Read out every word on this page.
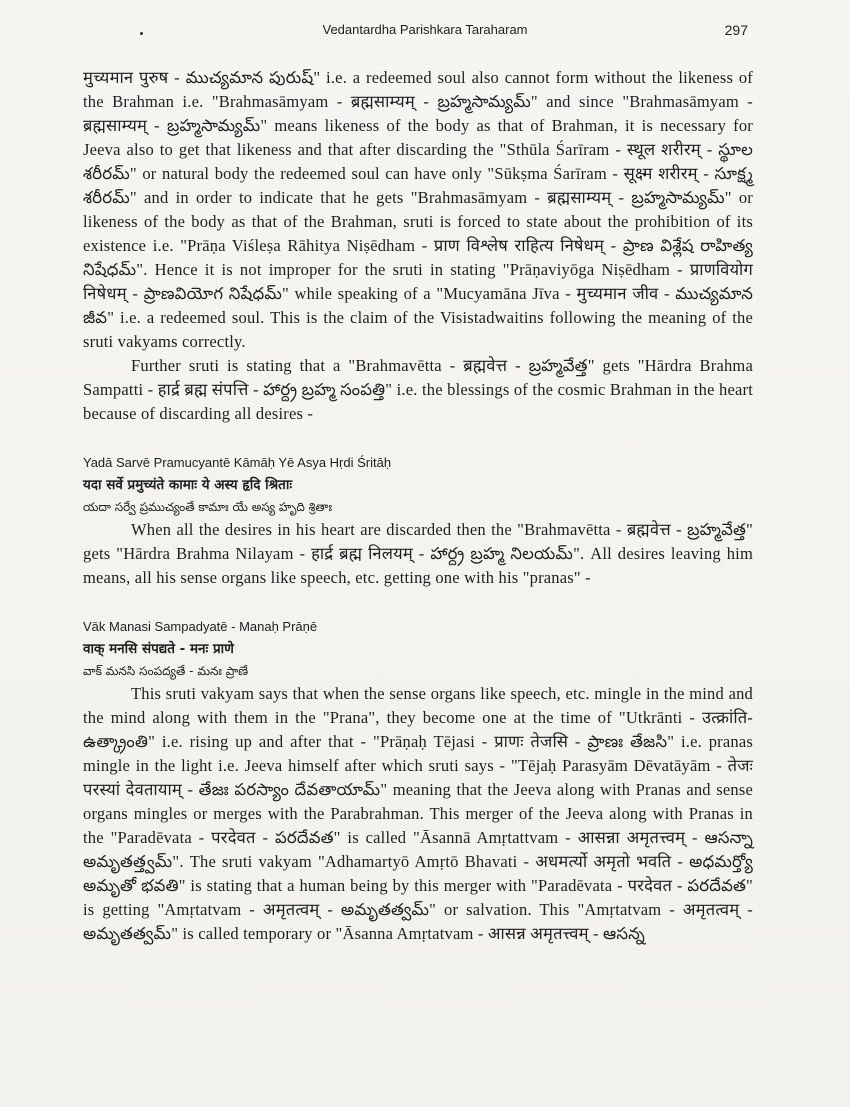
Vedantardha Parishkara Taraharam	297

मुच्यमान पुरुष - ముచ్యమాన పురుష్" i.e. a redeemed soul also cannot form without the likeness of the Brahman i.e. "Brahmasāmyam - ब्रह्मसाम्यम् - బ్రహ్మసామ్యమ్" and since "Brahmasāmyam - ब्रह्मसाम्यम् - బ్రహ్మసామ్యమ్" means likeness of the body as that of Brahman, it is necessary for Jeeva also to get that likeness and that after discarding the "Sthūla Śarīram - स्थूल शरीरम् - స్థూల శరీరమ్" or natural body the redeemed soul can have only "Sūkṣma Śarīram - सूक्ष्म शरीरम् - సూక్ష్మ శరీరమ్" and in order to indicate that he gets "Brahmasāmyam - ब्रह्मसाम्यम् - బ్రహ్మసామ్యమ్" or likeness of the body as that of the Brahman, sruti is forced to state about the prohibition of its existence i.e. "Prāṇa Viśleṣa Rāhitya Niṣēdham - प्राण विश्लेष राहित्य निषेधम् - ప్రాణ విశ్లేష రాహిత్య నిషేధమ్". Hence it is not improper for the sruti in stating "Prāṇaviyōga Niṣēdham - प्राणवियोग निषेधम् - ప్రాణవియోగ నిషేధమ్" while speaking of a "Mucyamāna Jīva - मुच्यमान जीव - ముచ్యమాన జీవ" i.e. a redeemed soul. This is the claim of the Visistadwaitins following the meaning of the sruti vakyams correctly.

Further sruti is stating that a "Brahmavētta - ब्रह्मवेत्त - బ్రహ్మవేత్త" gets "Hārdra Brahma Sampatti - हार्द्र ब्रह्म संपत्ति - హార్ద్ర బ్రహ్మ సంపత్తి" i.e. the blessings of the cosmic Brahman in the heart because of discarding all desires -

Yadā Sarvē Pramucyantē Kāmāḥ Yē Asya Hṛdi Śritāḥ
यदा सर्वे प्रमुच्यंते कामाः ये अस्य हृदि श्रिताः
యదా సర్వే ప్రముచ్యంతే కామాః యే అస్య హృది శ్రితాః

When all the desires in his heart are discarded then the "Brahmavētta - ब्रह्मवेत्त - బ్రహ్మవేత్త" gets "Hārdra Brahma Nilayam - हार्द्र ब्रह्म निलयम् - హార్ద్ర బ్రహ్మ నిలయమ్". All desires leaving him means, all his sense organs like speech, etc. getting one with his "pranas" -

Vāk Manasi Sampadyatē - Manaḥ Prāṇē
वाक् मनसि संपद्यते - मनः प्राणे
వాక్ మనసి సంపద్యతే - మనః ప్రాణే

This sruti vakyam says that when the sense organs like speech, etc. mingle in the mind and the mind along with them in the "Prana", they become one at the time of "Utkrānti - उत्क्रांति- ఉత్క్రాంతి" i.e. rising up and after that - "Prāṇaḥ Tējasi - प्राणः तेजसि - ప్రాణః తేజసి" i.e. pranas mingle in the light i.e. Jeeva himself after which sruti says - "Tējaḥ Parasyām Dēvatāyām - तेजः परस्यां देवतायाम् - తేజః పరస్యాం దేవతాయామ్" meaning that the Jeeva along with Pranas and sense organs mingles or merges with the Parabrahman. This merger of the Jeeva along with Pranas in the "Paradēvata - परदेवत - పరదేవత" is called "Āsannā Amṛtattvam - आसन्ना अमृतत्त्वम् - ఆసన్నా అమృతత్త్వమ్". The sruti vakyam "Adhamartyō Amṛtō Bhavati - अधमर्त्यो अमृतो भवति - అధమర్త్యో అమృతో భవతి" is stating that a human being by this merger with "Paradēvata - परदेवत - పరదేవత" is getting "Amṛtatvam - अमृतत्वम् - అమృతత్వమ్" or salvation. This "Amṛtatvam - अमृतत्वम् - అమృతత్వమ్" is called temporary or "Āsanna Amṛtatvam - आसन्न अमृतत्त्वम् - ఆసన్న
